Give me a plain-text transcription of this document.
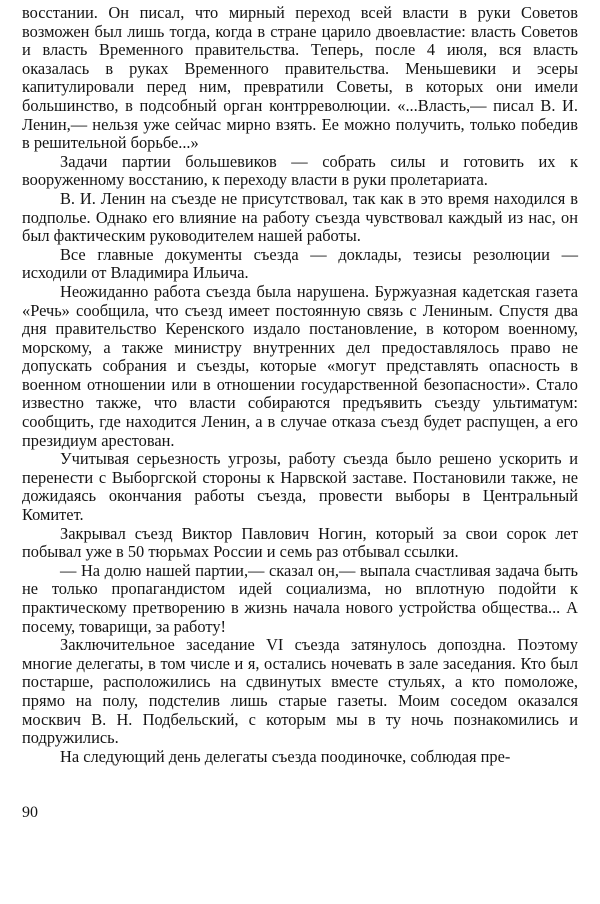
восстании. Он писал, что мирный переход всей власти в руки Советов возможен был лишь тогда, когда в стране царило двоевластие: власть Советов и власть Временного правительства. Теперь, после 4 июля, вся власть оказалась в руках Временного правительства. Меньшевики и эсеры капитулировали перед ним, превратили Советы, в которых они имели большинство, в подсобный орган контрреволюции. «...Власть,— писал В. И. Ленин,— нельзя уже сейчас мирно взять. Ее можно получить, только победив в решительной борьбе...»

Задачи партии большевиков — собрать силы и готовить их к вооруженному восстанию, к переходу власти в руки пролетариата.

В. И. Ленин на съезде не присутствовал, так как в это время находился в подполье. Однако его влияние на работу съезда чувствовал каждый из нас, он был фактическим руководителем нашей работы.

Все главные документы съезда — доклады, тезисы резолюции — исходили от Владимира Ильича.

Неожиданно работа съезда была нарушена. Буржуазная кадетская газета «Речь» сообщила, что съезд имеет постоянную связь с Лениным. Спустя два дня правительство Керенского издало постановление, в котором военному, морскому, а также министру внутренних дел предоставлялось право не допускать собрания и съезды, которые «могут представлять опасность в военном отношении или в отношении государственной безопасности». Стало известно также, что власти собираются предъявить съезду ультиматум: сообщить, где находится Ленин, а в случае отказа съезд будет распущен, а его президиум арестован.

Учитывая серьезность угрозы, работу съезда было решено ускорить и перенести с Выборгской стороны к Нарвской заставе. Постановили также, не дожидаясь окончания работы съезда, провести выборы в Центральный Комитет.

Закрывал съезд Виктор Павлович Ногин, который за свои сорок лет побывал уже в 50 тюрьмах России и семь раз отбывал ссылки.

— На долю нашей партии,— сказал он,— выпала счастливая задача быть не только пропагандистом идей социализма, но вплотную подойти к практическому претворению в жизнь начала нового устройства общества... А посему, товарищи, за работу!

Заключительное заседание VI съезда затянулось допоздна. Поэтому многие делегаты, в том числе и я, остались ночевать в зале заседания. Кто был постарше, расположились на сдвинутых вместе стульях, а кто помоложе, прямо на полу, подстелив лишь старые газеты. Моим соседом оказался москвич В. Н. Подбельский, с которым мы в ту ночь познакомились и подружились.

На следующий день делегаты съезда поодиночке, соблюдая пре-

90
